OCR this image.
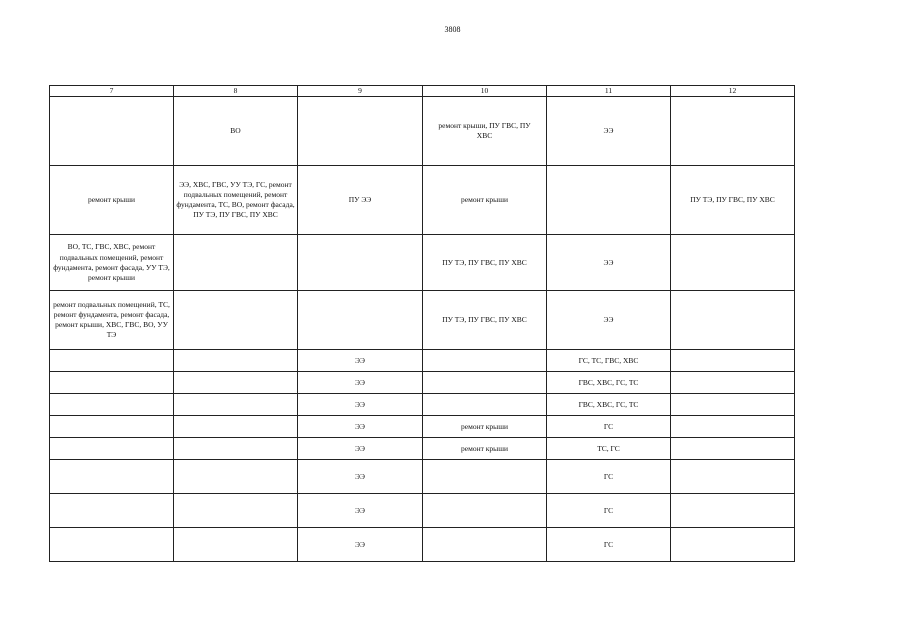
3808
7	8	9	10	11	12
	ВО		ремонт крыши, ПУ ГВС, ПУ ХВС	ЭЭ	
ремонт крыши	ЭЭ, ХВС, ГВС, УУ ТЭ, ГС, ремонт подвальных помещений, ремонт фундамента, ТС, ВО, ремонт фасада, ПУ ТЭ, ПУ ГВС, ПУ ХВС	ПУ ЭЭ	ремонт крыши		ПУ ТЭ, ПУ ГВС, ПУ ХВС
ВО, ТС, ГВС, ХВС, ремонт подвальных помещений, ремонт фундамента, ремонт фасада, УУ ТЭ, ремонт крыши			ПУ ТЭ, ПУ ГВС, ПУ ХВС	ЭЭ	
ремонт подвальных помещений, ТС, ремонт фундамента, ремонт фасада, ремонт крыши, ХВС, ГВС, ВО, УУ ТЭ			ПУ ТЭ, ПУ ГВС, ПУ ХВС	ЭЭ	
		ЭЭ		ГС, ТС, ГВС, ХВС	
		ЭЭ		ГВС, ХВС, ГС, ТС	
		ЭЭ		ГВС, ХВС, ГС, ТС	
		ЭЭ	ремонт крыши	ГС	
		ЭЭ	ремонт крыши	ТС, ГС	
		ЭЭ		ГС	
		ЭЭ		ГС	
		ЭЭ		ГС	
